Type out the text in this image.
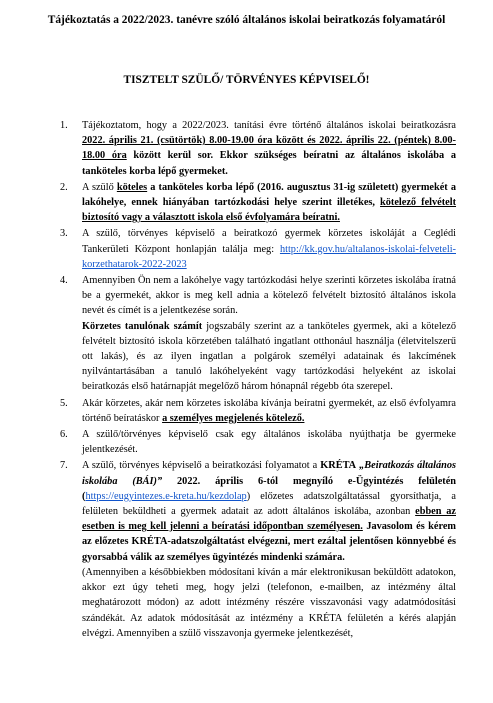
Tájékoztatás a 2022/2023. tanévre szóló általános iskolai beiratkozás folyamatáról
TISZTELT SZÜLŐ/ TÖRVÉNYES KÉPVISELŐ!
1. Tájékoztatom, hogy a 2022/2023. tanítási évre történő általános iskolai beiratkozásra 2022. április 21. (csütörtök) 8.00-19.00 óra között és 2022. április 22. (péntek) 8.00-18.00 óra között kerül sor. Ekkor szükséges beíratni az általános iskolába a tanköteles korba lépő gyermeket.
2. A szülő köteles a tanköteles korba lépő (2016. augusztus 31-ig született) gyermekét a lakóhelye, ennek hiányában tartózkodási helye szerint illetékes, kötelező felvételt biztosító vagy a választott iskola első évfolyamára beíratni.
3. A szülő, törvényes képviselő a beiratkozó gyermek körzetes iskoláját a Ceglédi Tankerületi Központ honlapján találja meg: http://kk.gov.hu/altalanos-iskolai-felveteli-korzethatarok-2022-2023
4. Amennyiben Ön nem a lakóhelye vagy tartózkodási helye szerinti körzetes iskolába íratná be a gyermekét, akkor is meg kell adnia a kötelező felvételt biztosító általános iskola nevét és címét is a jelentkezése során.

Körzetes tanulónak számít jogszabály szerint az a tanköteles gyermek, aki a kötelező felvételt biztosító iskola körzetében található ingatlant otthonául használja (életvitelszerű ott lakás), és az ilyen ingatlan a polgárok személyi adatainak és lakcímének nyilvántartásában a tanuló lakóhelyeként vagy tartózkodási helyeként az iskolai beiratkozás első határnapját megelőző három hónapnál régebb óta szerepel.

5. Akár körzetes, akár nem körzetes iskolába kívánja beíratni gyermekét, az első évfolyamra történő beíratáskor a személyes megjelenés kötelező.
6. A szülő/törvényes képviselő csak egy általános iskolába nyújthatja be gyermeke jelentkezését.
7. A szülő, törvényes képviselő a beiratkozási folyamatot a KRÉTA „Beiratkozás általános iskolába (BÁI)” 2022. április 6-tól megnyíló e-Ügyintézés felületén (https://eugyintezes.e-kreta.hu/kezdolap) előzetes adatszolgáltatással gyorsíthatja, a felületen beküldheti a gyermek adatait az adott általános iskolába, azonban ebben az esetben is meg kell jelenni a beíratási időpontban személyesen. Javasolom és kérem az előzetes KRÉTA-adatszolgáltatást elvégezni, mert ezáltal jelentősen könnyebbé és gyorsabbá válik az személyes ügyintézés mindenki számára.

(Amennyiben a későbbiekben módosítani kíván a már elektronikusan beküldött adatokon, akkor ezt úgy teheti meg, hogy jelzi (telefonon, e-mailben, az intézmény által meghatározott módon) az adott intézmény részére visszavonási vagy adatmódosítási szándékát. Az adatok módosítását az intézmény a KRÉTA felületén a kérés alapján elvégzi. Amennyiben a szülő visszavonja gyermeke jelentkezését,
